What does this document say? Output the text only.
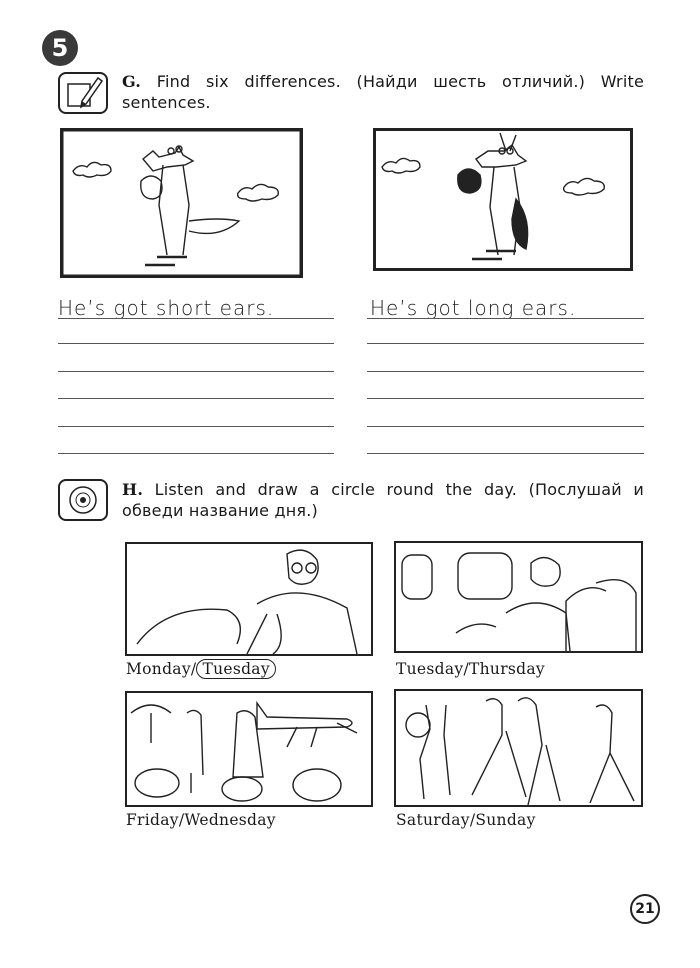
5
G. Find six differences. (Найди шесть отличий.) Write sentences.
He’s got short ears.	He’s got long ears.
H. Listen and draw a circle round the day. (Послушай и обведи название дня.)
Monday/ Tuesday	Tuesday/Thursday
Friday/Wednesday	Saturday/Sunday
21
